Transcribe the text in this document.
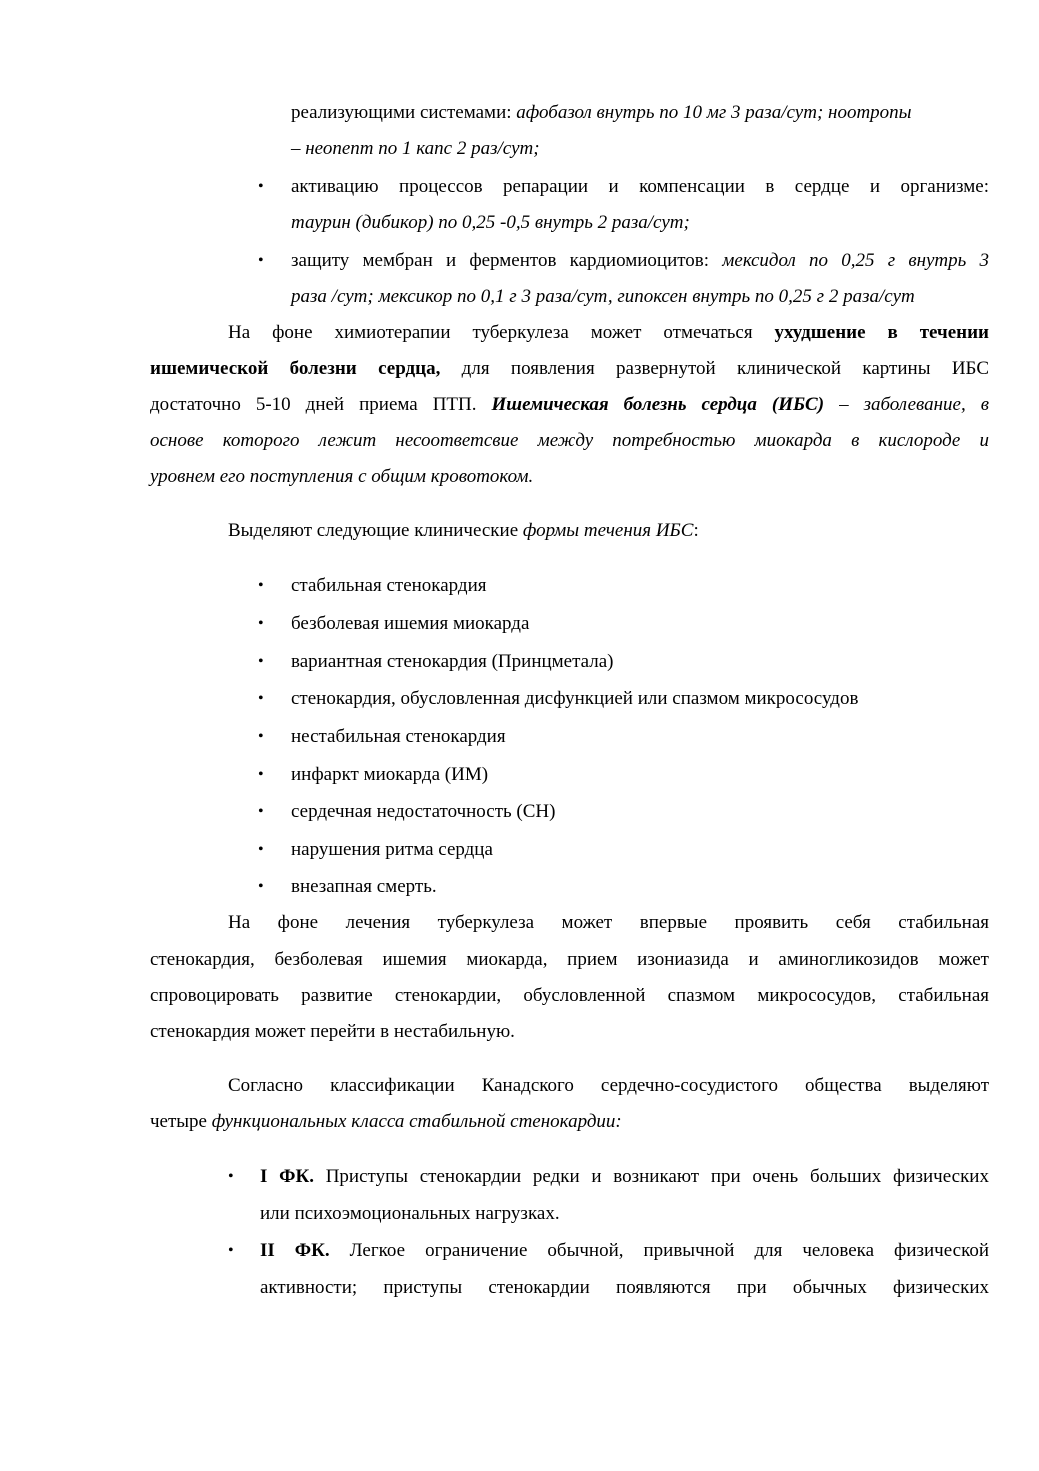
реализующими системами: афобазол внутрь по 10 мг 3 раза/сут; ноотропы
– неопепт по 1 капс 2 раз/сут;
• активацию процессов репарации и компенсации в сердце и организме:
таурин (дибикор) по 0,25 -0,5 внутрь 2 раза/сут;
• защиту мембран и ферментов кардиомиоцитов: мексидол по 0,25 г внутрь 3
раза /сут; мексикор по 0,1 г 3 раза/сут, гипоксен внутрь по 0,25 г 2 раза/сут
На фоне химиотерапии туберкулеза может отмечаться ухудшение в течении
ишемической болезни сердца, для появления развернутой клинической картины ИБС
достаточно 5-10 дней приема ПТП. Ишемическая болезнь сердца (ИБС) – заболевание, в
основе которого лежит несоответсвие между потребностью миокарда в кислороде и
уровнем его поступления с общим кровотоком.
Выделяют следующие клинические формы течения ИБС:
• стабильная стенокардия
• безболевая ишемия миокарда
• вариантная стенокардия (Принцметала)
• стенокардия, обусловленная дисфункцией или спазмом микрососудов
• нестабильная стенокардия
• инфаркт миокарда (ИМ)
• сердечная недостаточность (СН)
• нарушения ритма сердца
• внезапная смерть.
На фоне лечения туберкулеза может впервые проявить себя стабильная
стенокардия, безболевая ишемия миокарда, прием изониазида и аминогликозидов может
спровоцировать развитие стенокардии, обусловленной спазмом микрососудов, стабильная
стенокардия может перейти в нестабильную.
Согласно классификации Канадского сердечно-сосудистого общества выделяют
четыре функциональных класса стабильной стенокардии:
• I ФК. Приступы стенокардии редки и возникают при очень больших физических
или психоэмоциональных нагрузках.
• II ФК. Легкое ограничение обычной, привычной для человека физической
активности; приступы стенокардии появляются при обычных физических
